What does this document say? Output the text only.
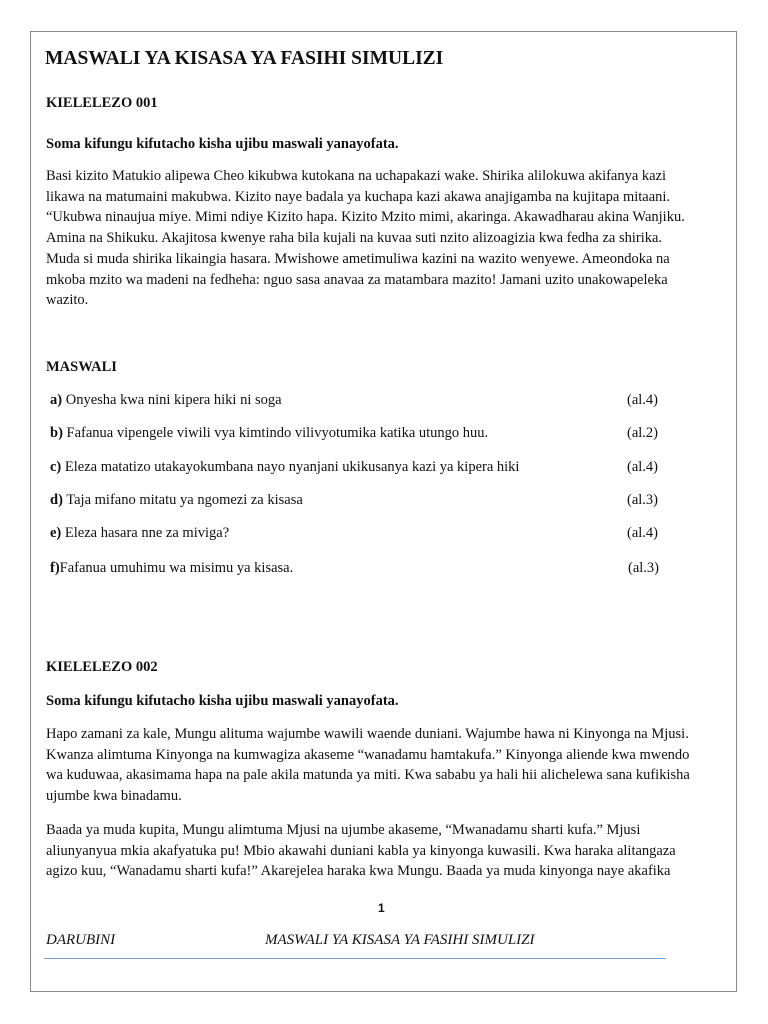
MASWALI YA KISASA YA FASIHI SIMULIZI
KIELELEZO 001
Soma kifungu kifutacho kisha ujibu maswali yanayofata.
Basi kizito Matukio alipewa Cheo kikubwa kutokana na uchapakazi wake. Shirika alilokuwa akifanya kazi
likawa na matumaini makubwa. Kizito naye badala ya kuchapa kazi akawa anajigamba na kujitapa mitaani.
“Ukubwa ninaujua miye. Mimi ndiye Kizito hapa. Kizito Mzito mimi, akaringa. Akawadharau akina Wanjiku.
Amina na Shikuku. Akajitosa kwenye raha bila kujali na kuvaa suti nzito alizoagizia kwa fedha za shirika.
Muda si muda shirika likaingia hasara. Mwishowe ametimuliwa kazini na wazito wenyewe. Ameondoka na
mkoba mzito wa madeni na fedheha: nguo sasa anavaa za matambara mazito! Jamani uzito unakowapeleka
wazito.
MASWALI
a) Onyesha kwa nini kipera hiki ni soga	(al.4)
b) Fafanua vipengele viwili vya kimtindo vilivyotumika katika utungo huu.	(al.2)
c) Eleza matatizo utakayokumbana nayo nyanjani ukikusanya kazi ya kipera hiki	(al.4)
d) Taja mifano mitatu ya ngomezi za kisasa	(al.3)
e) Eleza hasara nne za miviga?	(al.4)
f)Fafanua umuhimu wa misimu ya kisasa.	(al.3)
KIELELEZO 002
Soma kifungu kifutacho kisha ujibu maswali yanayofata.
Hapo zamani za kale, Mungu alituma wajumbe wawili waende duniani. Wajumbe hawa ni Kinyonga na Mjusi.
Kwanza alimtuma Kinyonga na kumwagiza akaseme “wanadamu hamtakufa.” Kinyonga aliende kwa mwendo
wa kuduwaa, akasimama hapa na pale akila matunda ya miti. Kwa sababu ya hali hii alichelewa sana kufikisha
ujumbe kwa binadamu.
Baada ya muda kupita, Mungu alimtuma Mjusi na ujumbe akaseme, “Mwanadamu sharti kufa.” Mjusi
aliunyanyua mkia akafyatuka pu! Mbio akawahi duniani kabla ya kinyonga kuwasili. Kwa haraka alitangaza
agizo kuu, “Wanadamu sharti kufa!” Akarejelea haraka kwa Mungu. Baada ya muda kinyonga naye akafika
1
DARUBINI	MASWALI YA KISASA YA FASIHI SIMULIZI
